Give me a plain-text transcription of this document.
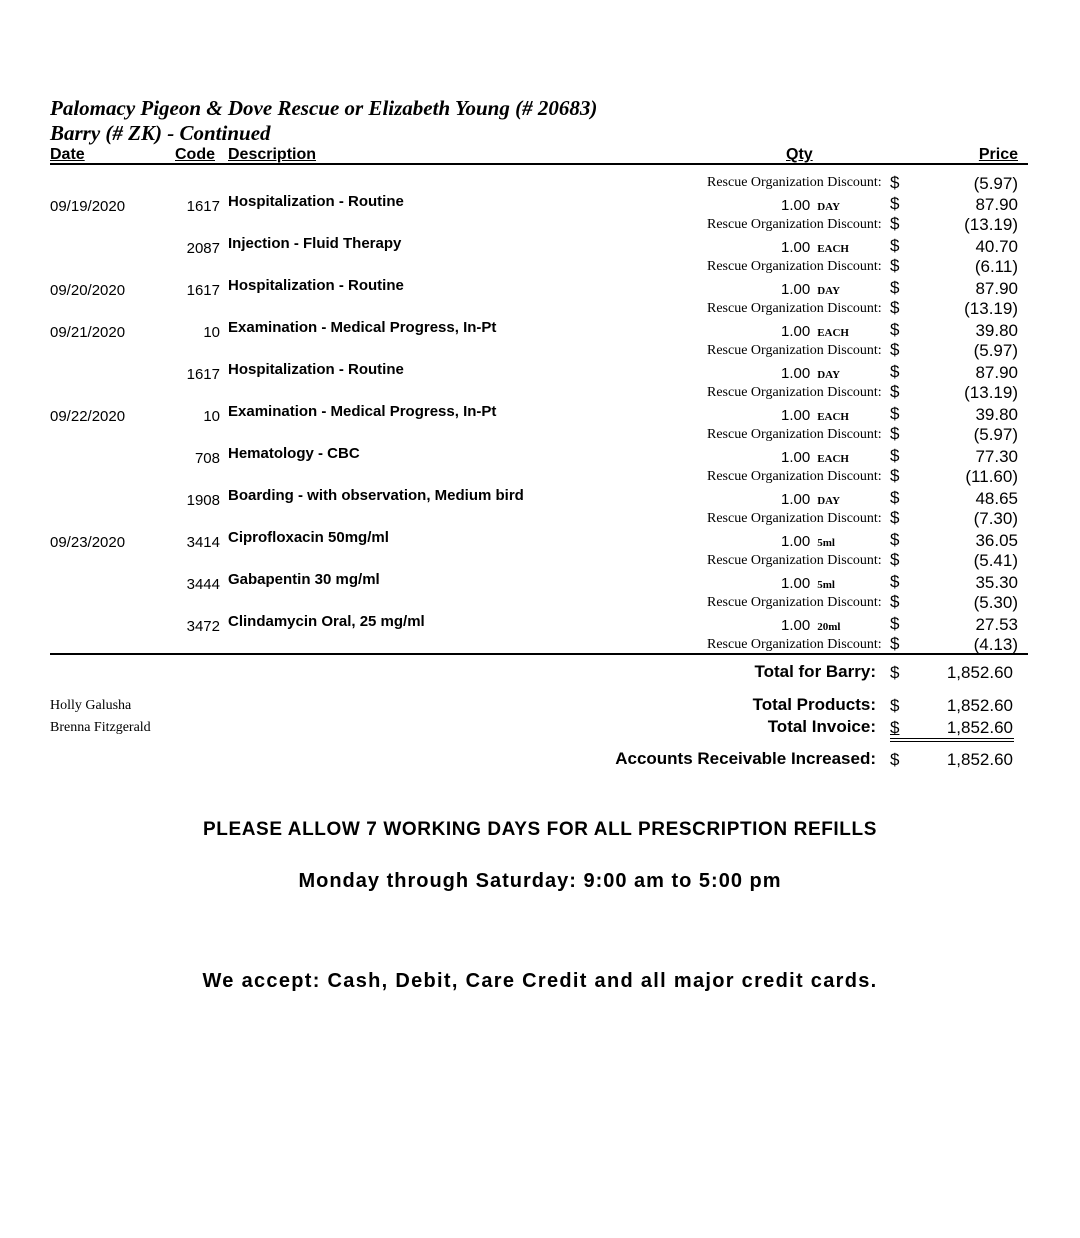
Palomacy Pigeon & Dove Rescue or Elizabeth Young (# 20683)
Barry (# ZK) - Continued
Date	Code Description	Qty	Price
Rescue Organization Discount: $	(5.97)
09/19/2020	1617 Hospitalization - Routine	1.00 DAY	$	87.90
Rescue Organization Discount: $	(13.19)
2087 Injection - Fluid Therapy	1.00 EACH $	40.70
Rescue Organization Discount: $	(6.11)
09/20/2020	1617 Hospitalization - Routine	1.00 DAY	$	87.90
Rescue Organization Discount: $	(13.19)
09/21/2020	10 Examination - Medical Progress, In-Pt	1.00 EACH $	39.80
Rescue Organization Discount: $	(5.97)
1617 Hospitalization - Routine	1.00 DAY	$	87.90
Rescue Organization Discount: $	(13.19)
09/22/2020	10 Examination - Medical Progress, In-Pt	1.00 EACH $	39.80
Rescue Organization Discount: $	(5.97)
708 Hematology - CBC	1.00 EACH $	77.30
Rescue Organization Discount: $	(11.60)
1908 Boarding - with observation, Medium bird	1.00 DAY	$	48.65
Rescue Organization Discount: $	(7.30)
09/23/2020	3414 Ciprofloxacin 50mg/ml	1.00 5ml	$	36.05
Rescue Organization Discount: $	(5.41)
3444 Gabapentin 30 mg/ml	1.00 5ml	$	35.30
Rescue Organization Discount: $	(5.30)
3472 Clindamycin Oral, 25 mg/ml	1.00 20ml	$	27.53
Rescue Organization Discount: $	(4.13)
Total for Barry: $	1,852.60
Holly Galusha
Brenna Fitzgerald
Total Products: $	1,852.60
Total Invoice: $	1,852.60
Accounts Receivable Increased: $	1,852.60
PLEASE ALLOW 7 WORKING DAYS FOR ALL PRESCRIPTION REFILLS
Monday through Saturday: 9:00 am to 5:00 pm
We accept: Cash, Debit, Care Credit and all major credit cards.
